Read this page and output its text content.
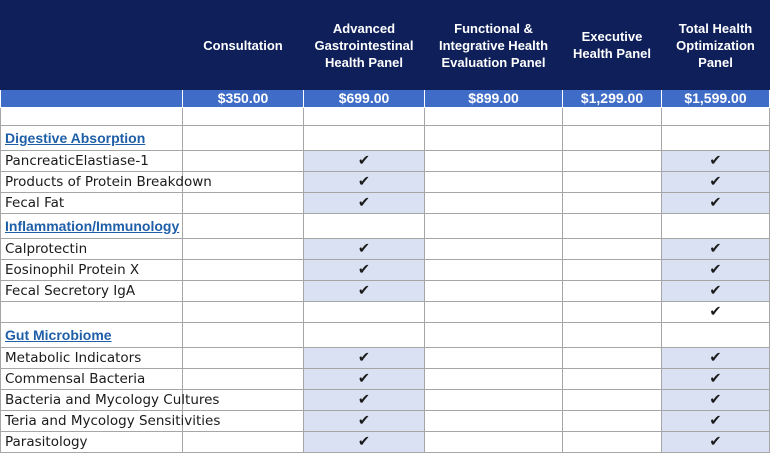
	Consultation	Advanced Gastrointestinal Health Panel	Functional & Integrative Health Evaluation Panel	Executive Health Panel	Total Health Optimization Panel
	$350.00	$699.00	$899.00	$1,299.00	$1,599.00

Digestive Absorption					
PancreaticElastiase-1		✔			✔
Products of Protein Breakdown		✔			✔
Fecal Fat		✔			✔
Inflammation/Immunology					
Calprotectin		✔			✔
Eosinophil Protein X		✔			✔
Fecal Secretory IgA		✔			✔
					✔
Gut Microbiome					
Metabolic Indicators		✔			✔
Commensal Bacteria		✔			✔
Bacteria and Mycology Cultures		✔			✔
Teria and Mycology Sensitivities		✔			✔
Parasitology		✔			✔
